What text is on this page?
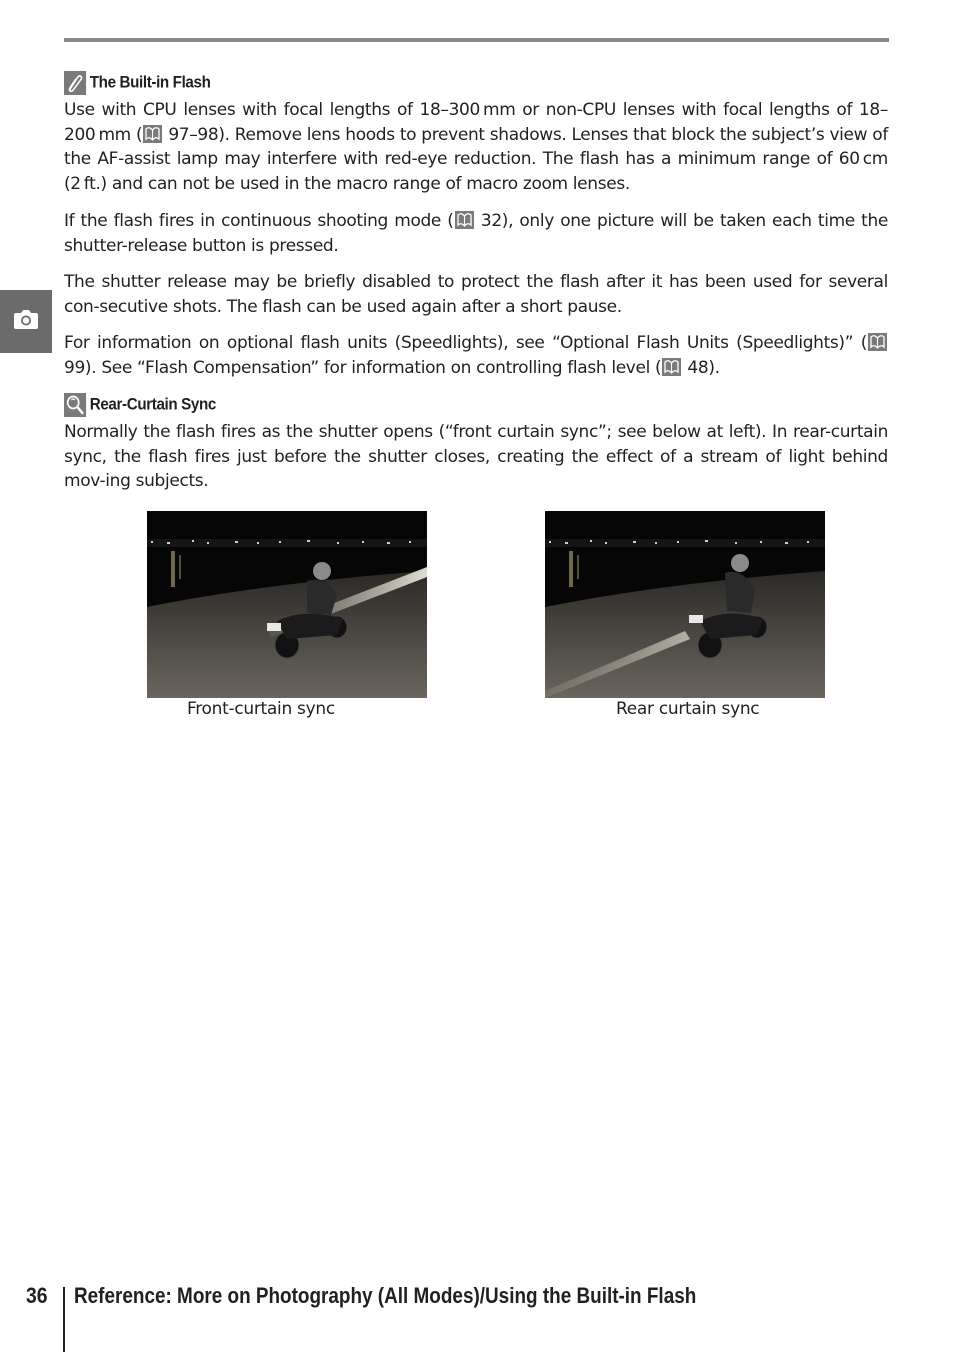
The Built-in Flash

Use with CPU lenses with focal lengths of 18–300 mm or non-CPU lenses with focal lengths of 18– 200 mm (
97–98). Remove lens hoods to prevent shadows. Lenses that block the subject’s view of the AF-assist lamp may interfere with red-eye reduction. The flash has a minimum range of 60 cm (2 ft.) and can not be used in the macro range of macro zoom lenses.

If the flash fires in continuous shooting mode (
32), only one picture will be taken each time the shutter-release button is pressed.

The shutter release may be briefly disabled to protect the flash after it has been used for several con-secutive shots. The flash can be used again after a short pause.

For information on optional flash units (Speedlights), see “Optional Flash Units (Speedlights)” (
99). See “Flash Compensation” for information on controlling flash level (
48).

Rear-Curtain Sync

Normally the flash fires as the shutter opens (“front curtain sync”; see below at left). In rear-curtain sync, the flash fires just before the shutter closes, creating the effect of a stream of light behind mov-ing subjects.

Front-curtain sync	Rear curtain sync
36 Reference: More on Photography (All Modes)/Using the Built-in Flash
